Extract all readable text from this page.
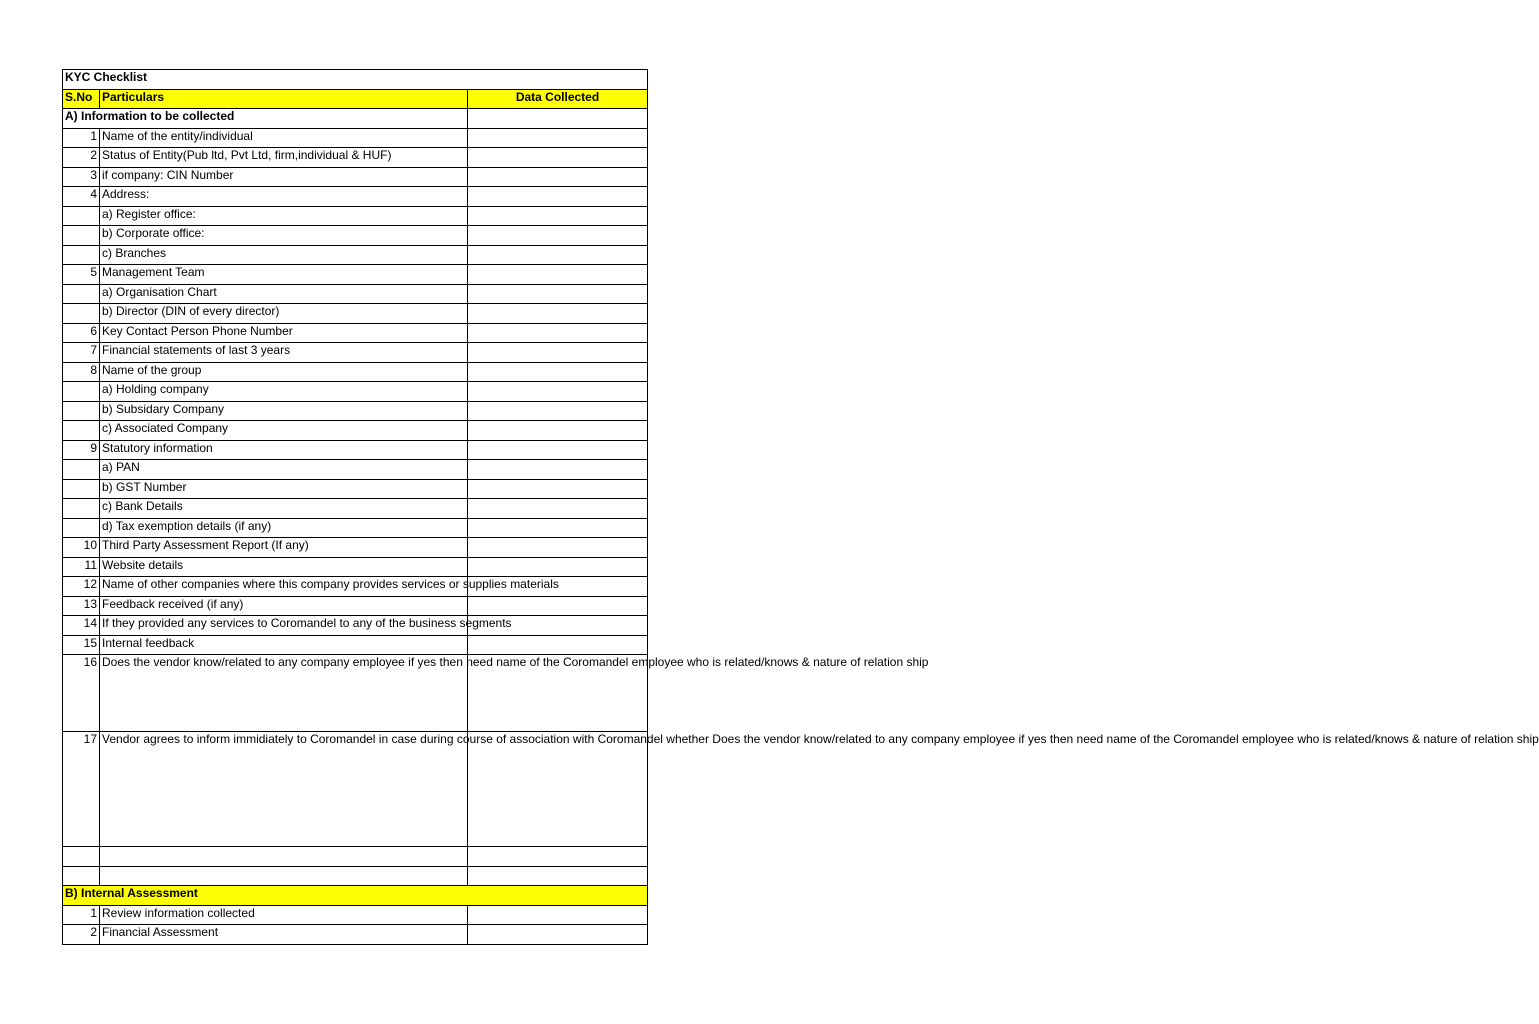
KYC Checklist		
S.No	Particulars	Data Collected
A) Information to be collected		
1	Name of the entity/individual	
2	Status of Entity(Pub ltd, Pvt Ltd, firm,individual & HUF)	
3	if company: CIN Number	
4	Address:	
	a) Register office:	
	b) Corporate office:	
	c) Branches	
5	Management Team	
	a) Organisation Chart	
	b) Director (DIN of every director)	
6	Key Contact Person Phone Number	
7	Financial statements of last 3 years	
8	Name of the group	
	a) Holding company	
	b) Subsidary Company	
	c) Associated Company	
9	Statutory information	
	a) PAN	
	b) GST Number	
	c) Bank Details	
	d) Tax exemption details (if any)	
10	Third Party Assessment Report (If any)	
11	Website details	
12	Name of other companies where this company provides services or supplies materials	
13	Feedback received (if any)	
14	If they provided any services to Coromandel to any of the business segments	
15	Internal feedback	
16	Does the vendor know/related to any company employee if yes then need name of the Coromandel employee who is related/knows & nature of relation ship	
17	Vendor agrees to inform immidiately to Coromandel in case during course of association with Coromandel whether Does the vendor know/related to any company employee if yes then need name of the Coromandel employee who is related/knows & nature of relation ship	

B) Internal Assessment		
1	Review information collected	
2	Financial Assessment	
